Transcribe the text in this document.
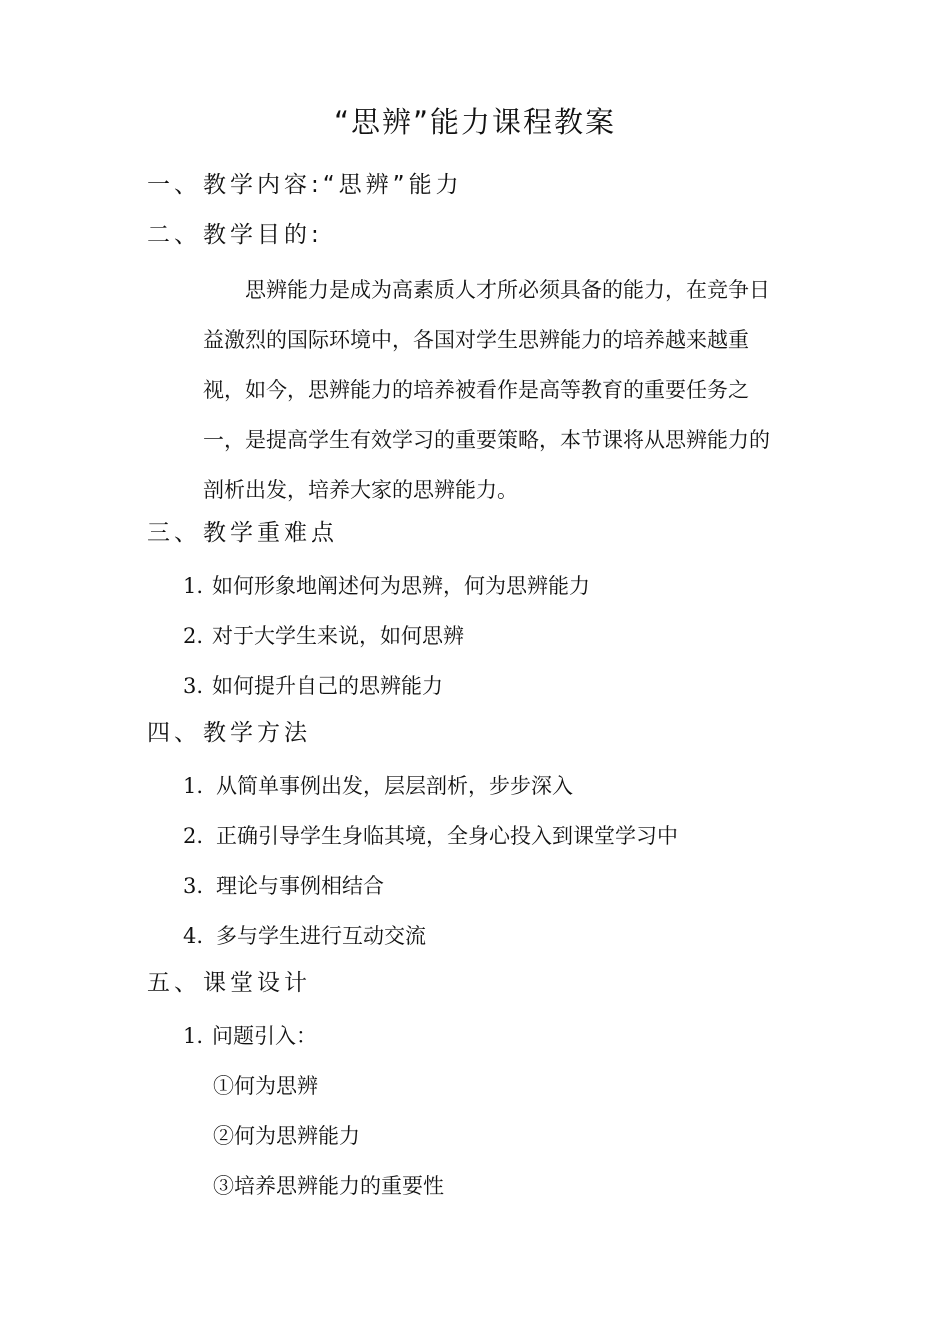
“思辨”能力课程教案
一、教学内容:“思辨”能力
二、教学目的:
　　思辨能力是成为高素质人才所必须具备的能力，在竞争日
益激烈的国际环境中，各国对学生思辨能力的培养越来越重
视，如今，思辨能力的培养被看作是高等教育的重要任务之
一，是提高学生有效学习的重要策略，本节课将从思辨能力的
剖析出发，培养大家的思辨能力。
三、教学重难点
1. 如何形象地阐述何为思辨，何为思辨能力
2. 对于大学生来说，如何思辨
3. 如何提升自己的思辨能力
四、教学方法
1. 从简单事例出发，层层剖析，步步深入
2. 正确引导学生身临其境，全身心投入到课堂学习中
3. 理论与事例相结合
4. 多与学生进行互动交流
五、课堂设计
1. 问题引入：
①何为思辨
②何为思辨能力
③培养思辨能力的重要性
